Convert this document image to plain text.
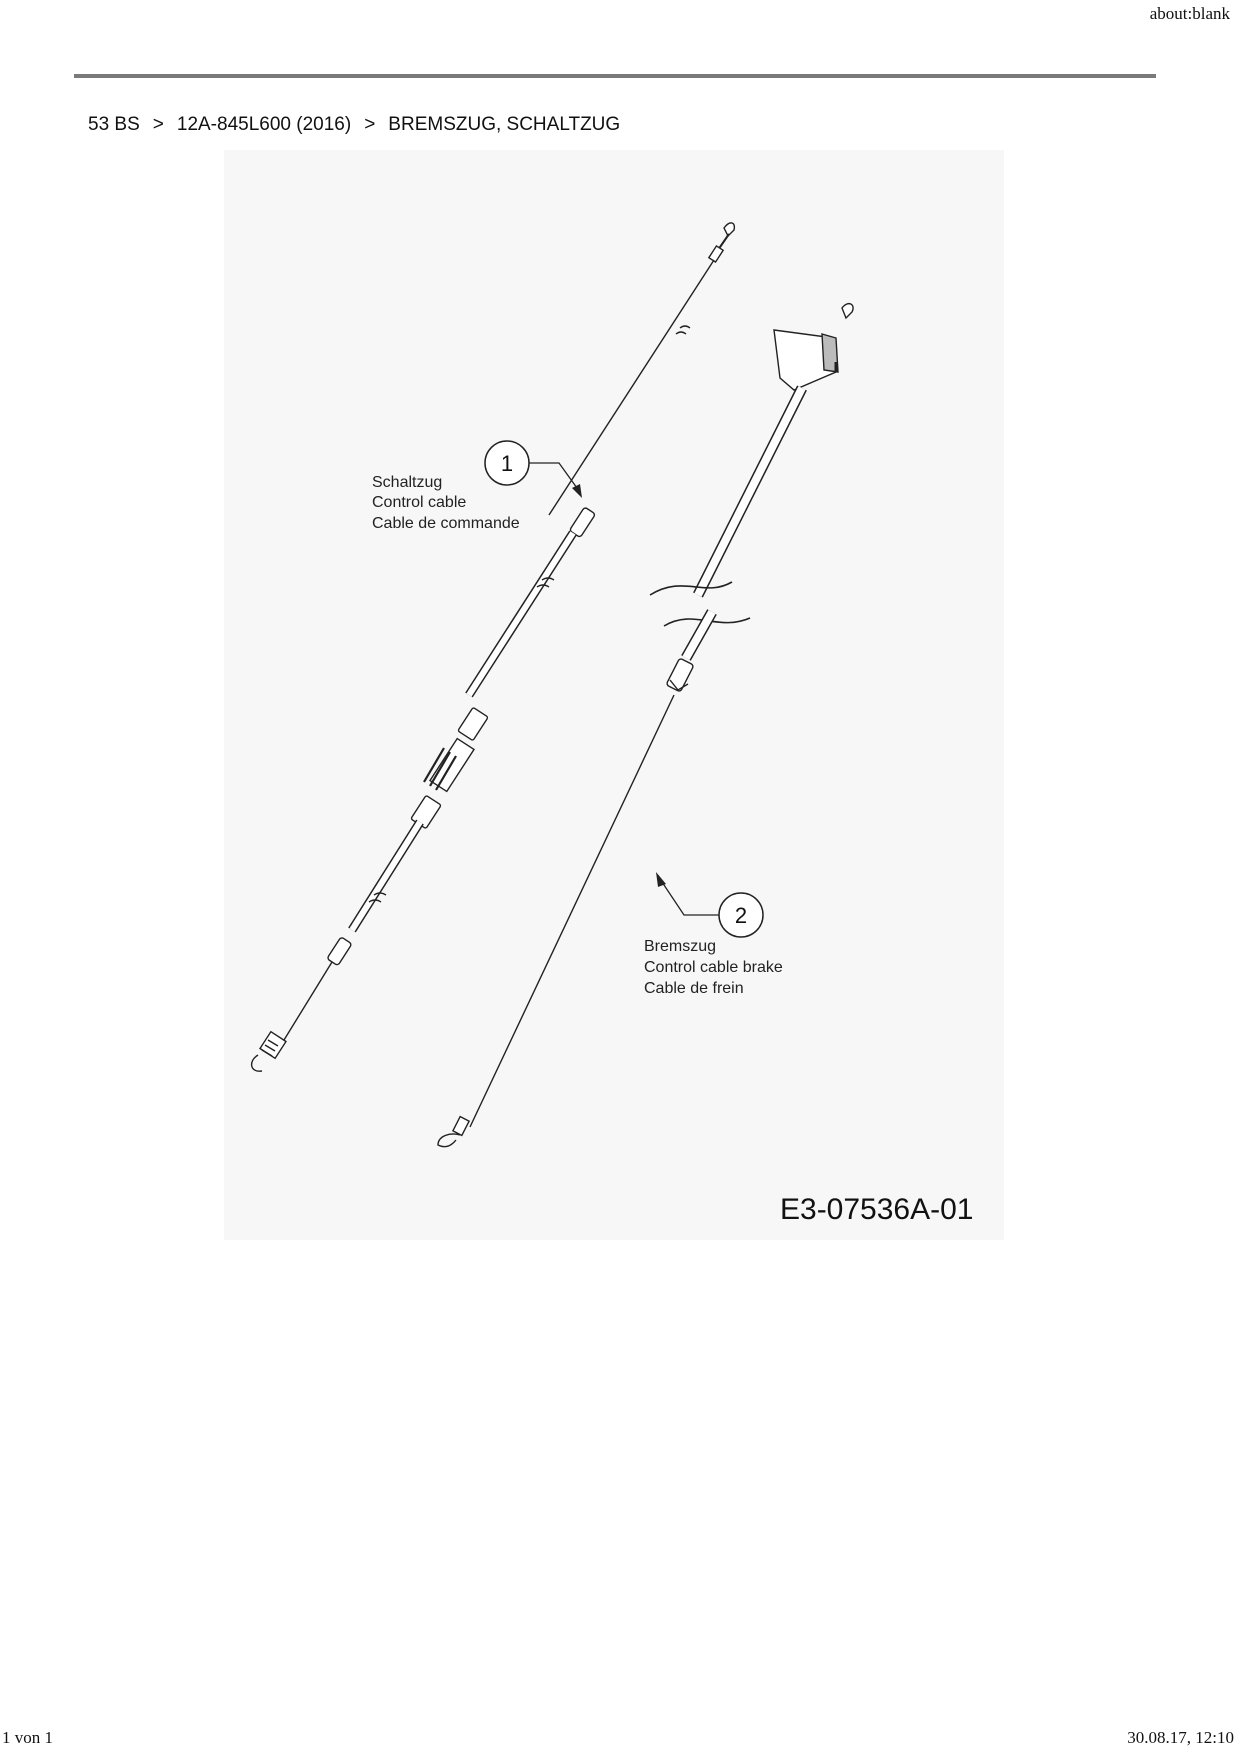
about:blank
53 BS > 12A-845L600 (2016) > BREMSZUG, SCHALTZUG
1
Schaltzug
Control cable
Cable de commande
2
Bremszug
Control cable brake
Cable de frein
E3-07536A-01
1 von 1	30.08.17, 12:10
